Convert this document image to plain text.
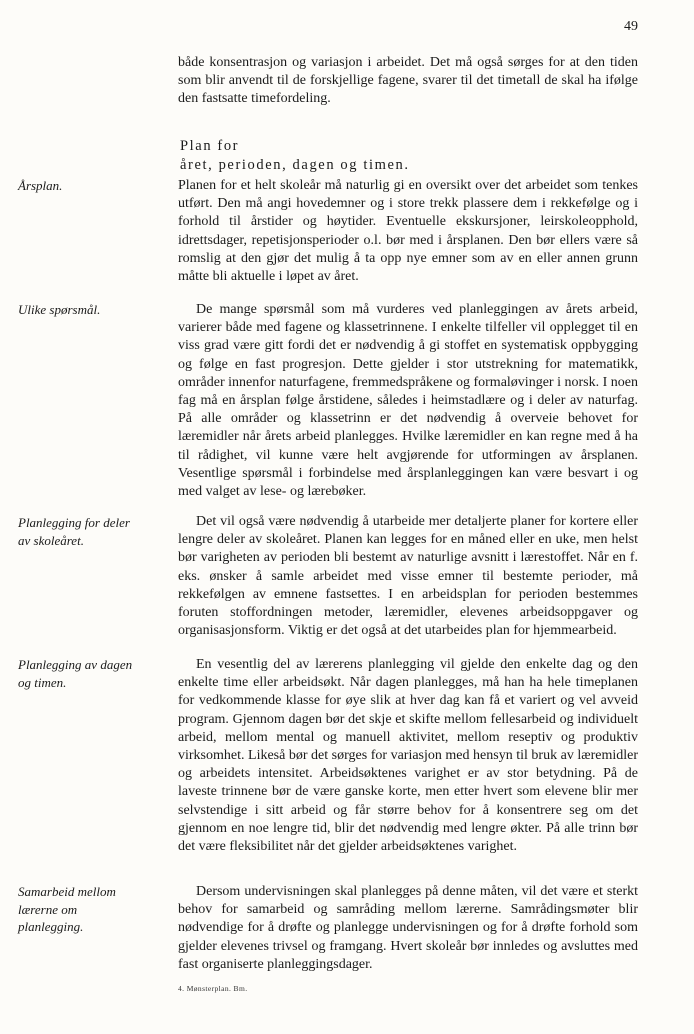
49

både konsentrasjon og variasjon i arbeidet. Det må også sørges for at den tiden som blir anvendt til de forskjellige fagene, svarer til det timetall de skal ha ifølge den fastsatte timefordeling.

Plan for
året, perioden, dagen og timen.
Årsplan.	Planen for et helt skoleår må naturlig gi en oversikt over det arbeidet som tenkes utført. Den må angi hovedemner og i store trekk plassere dem i rekkefølge og i forhold til årstider og høytider. Eventuelle ekskursjoner, leirskoleopphold, idrettsdager, repetisjonsperioder o.l. bør med i årsplanen. Den bør ellers være så romslig at den gjør det mulig å ta opp nye emner som av en eller annen grunn måtte bli aktuelle i løpet av året.

Ulike spørsmål.	De mange spørsmål som må vurderes ved planleggingen av årets arbeid, varierer både med fagene og klassetrinnene. I enkelte tilfeller vil opplegget til en viss grad være gitt fordi det er nødvendig å gi stoffet en systematisk oppbygging og følge en fast progresjon. Dette gjelder i stor utstrekning for matematikk, områder innenfor naturfagene, fremmedspråkene og formaløvinger i norsk. I noen fag må en årsplan følge årstidene, således i heimstadlære og i deler av naturfag. På alle områder og klassetrinn er det nødvendig å overveie behovet for læremidler når årets arbeid planlegges. Hvilke læremidler en kan regne med å ha til rådighet, vil kunne være helt avgjørende for utformingen av årsplanen. Vesentlige spørsmål i forbindelse med årsplanleggingen kan være besvart i og med valget av lese- og lærebøker.

Planlegging for deler
av skoleåret.

Det vil også være nødvendig å utarbeide mer detaljerte planer for kortere eller lengre deler av skoleåret. Planen kan legges for en måned eller en uke, men helst bør varigheten av perioden bli bestemt av naturlige avsnitt i lærestoffet. Når en f. eks. ønsker å samle arbeidet med visse emner til bestemte perioder, må rekkefølgen av emnene fastsettes. I en arbeidsplan for perioden bestemmes foruten stoffordningen metoder, læremidler, elevenes arbeidsoppgaver og organisasjonsform. Viktig er det også at det utarbeides plan for hjemmearbeid.

Planlegging av dagen
og timen.

En vesentlig del av lærerens planlegging vil gjelde den enkelte dag og den enkelte time eller arbeidsøkt. Når dagen planlegges, må han ha hele timeplanen for vedkommende klasse for øye slik at hver dag kan få et variert og vel avveid program. Gjennom dagen bør det skje et skifte mellom fellesarbeid og individuelt arbeid, mellom mental og manuell aktivitet, mellom reseptiv og produktiv virksomhet. Likeså bør det sørges for variasjon med hensyn til bruk av læremidler og arbeidets intensitet. Arbeidsøktenes varighet er av stor betydning. På de laveste trinnene bør de være ganske korte, men etter hvert som elevene blir mer selvstendige i sitt arbeid og får større behov for å konsentrere seg om det gjennom en noe lengre tid, blir det nødvendig med lengre økter. På alle trinn bør det være fleksibilitet når det gjelder arbeidsøktenes varighet.

Samarbeid mellom
lærerne om
planlegging.

Dersom undervisningen skal planlegges på denne måten, vil det være et sterkt behov for samarbeid og samråding mellom lærerne. Samrådingsmøter blir nødvendige for å drøfte og planlegge undervisningen og for å drøfte forhold som gjelder elevenes trivsel og framgang. Hvert skoleår bør innledes og avsluttes med fast organiserte planleggingsdager.

4. Mønsterplan. Bm.
